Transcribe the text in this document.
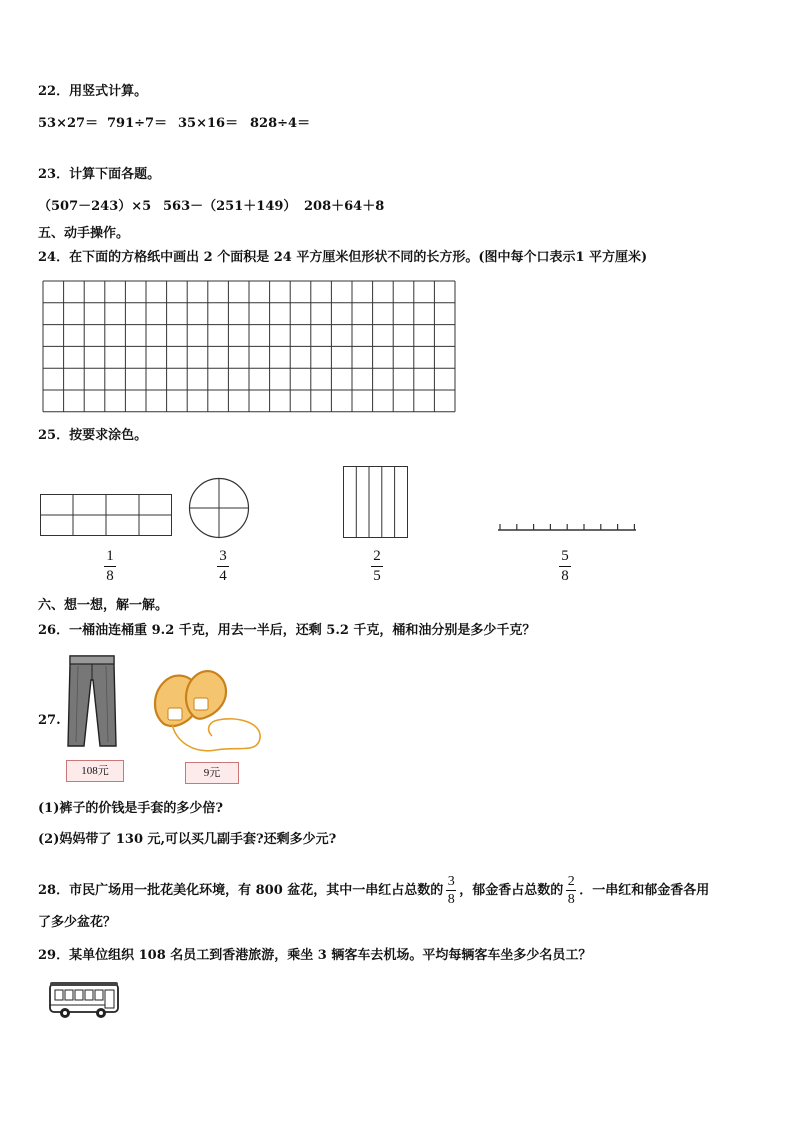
22．用竖式计算。
53×27＝ 791÷7＝ 35×16＝ 828÷4＝
23．计算下面各题。
（507－243）×5 563－（251＋149） 208＋64＋8
五、动手操作。
24．在下面的方格纸中画出 2 个面积是 24 平方厘米但形状不同的长方形。(图中每个口表示1 平方厘米)
25．按要求涂色。
1
8
3
4
2
5
5
8
六、想一想，解一解。
26．一桶油连桶重 9.2 千克，用去一半后，还剩 5.2 千克，桶和油分别是多少千克？
27.
108元	9元
(1)裤子的价钱是手套的多少倍?
(2)妈妈带了 130 元,可以买几副手套?还剩多少元?
28．市民广场用一批花美化环境，有 800 盆花，其中一串红占总数的 $\frac{3}{8}$ ，郁金香占总数的 $\frac{2}{8}$ ．一串红和郁金香各用
了多少盆花？
29．某单位组织 108 名员工到香港旅游，乘坐 3 辆客车去机场。平均每辆客车坐多少名员工？
